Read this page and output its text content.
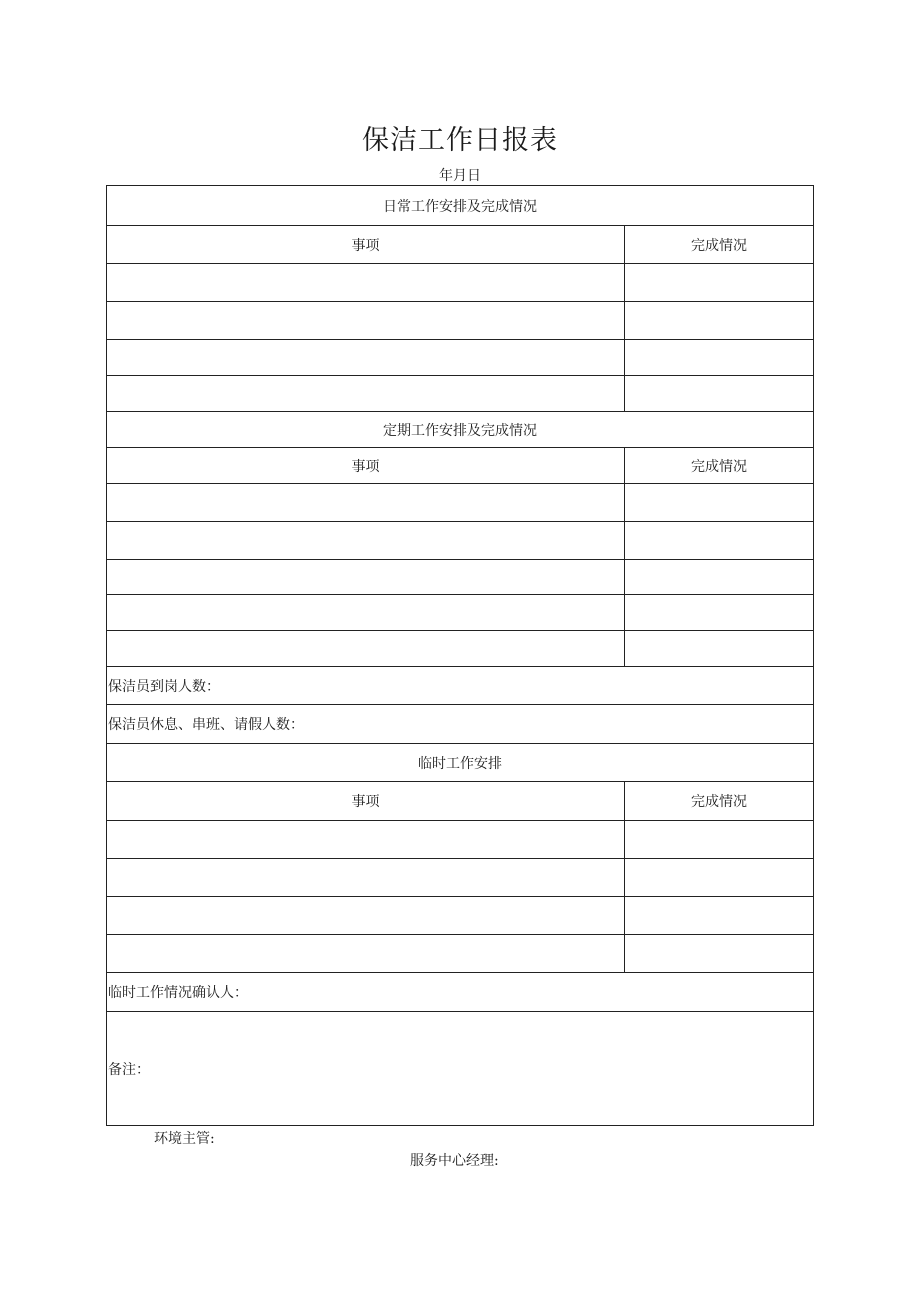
保洁工作日报表
年月日
日常工作安排及完成情况
事项	完成情况
定期工作安排及完成情况
事项	完成情况
保洁员到岗人数：
保洁员休息、串班、请假人数：
临时工作安排
事项	完成情况
临时工作情况确认人：
备注：
环境主管:
服务中心经理:
